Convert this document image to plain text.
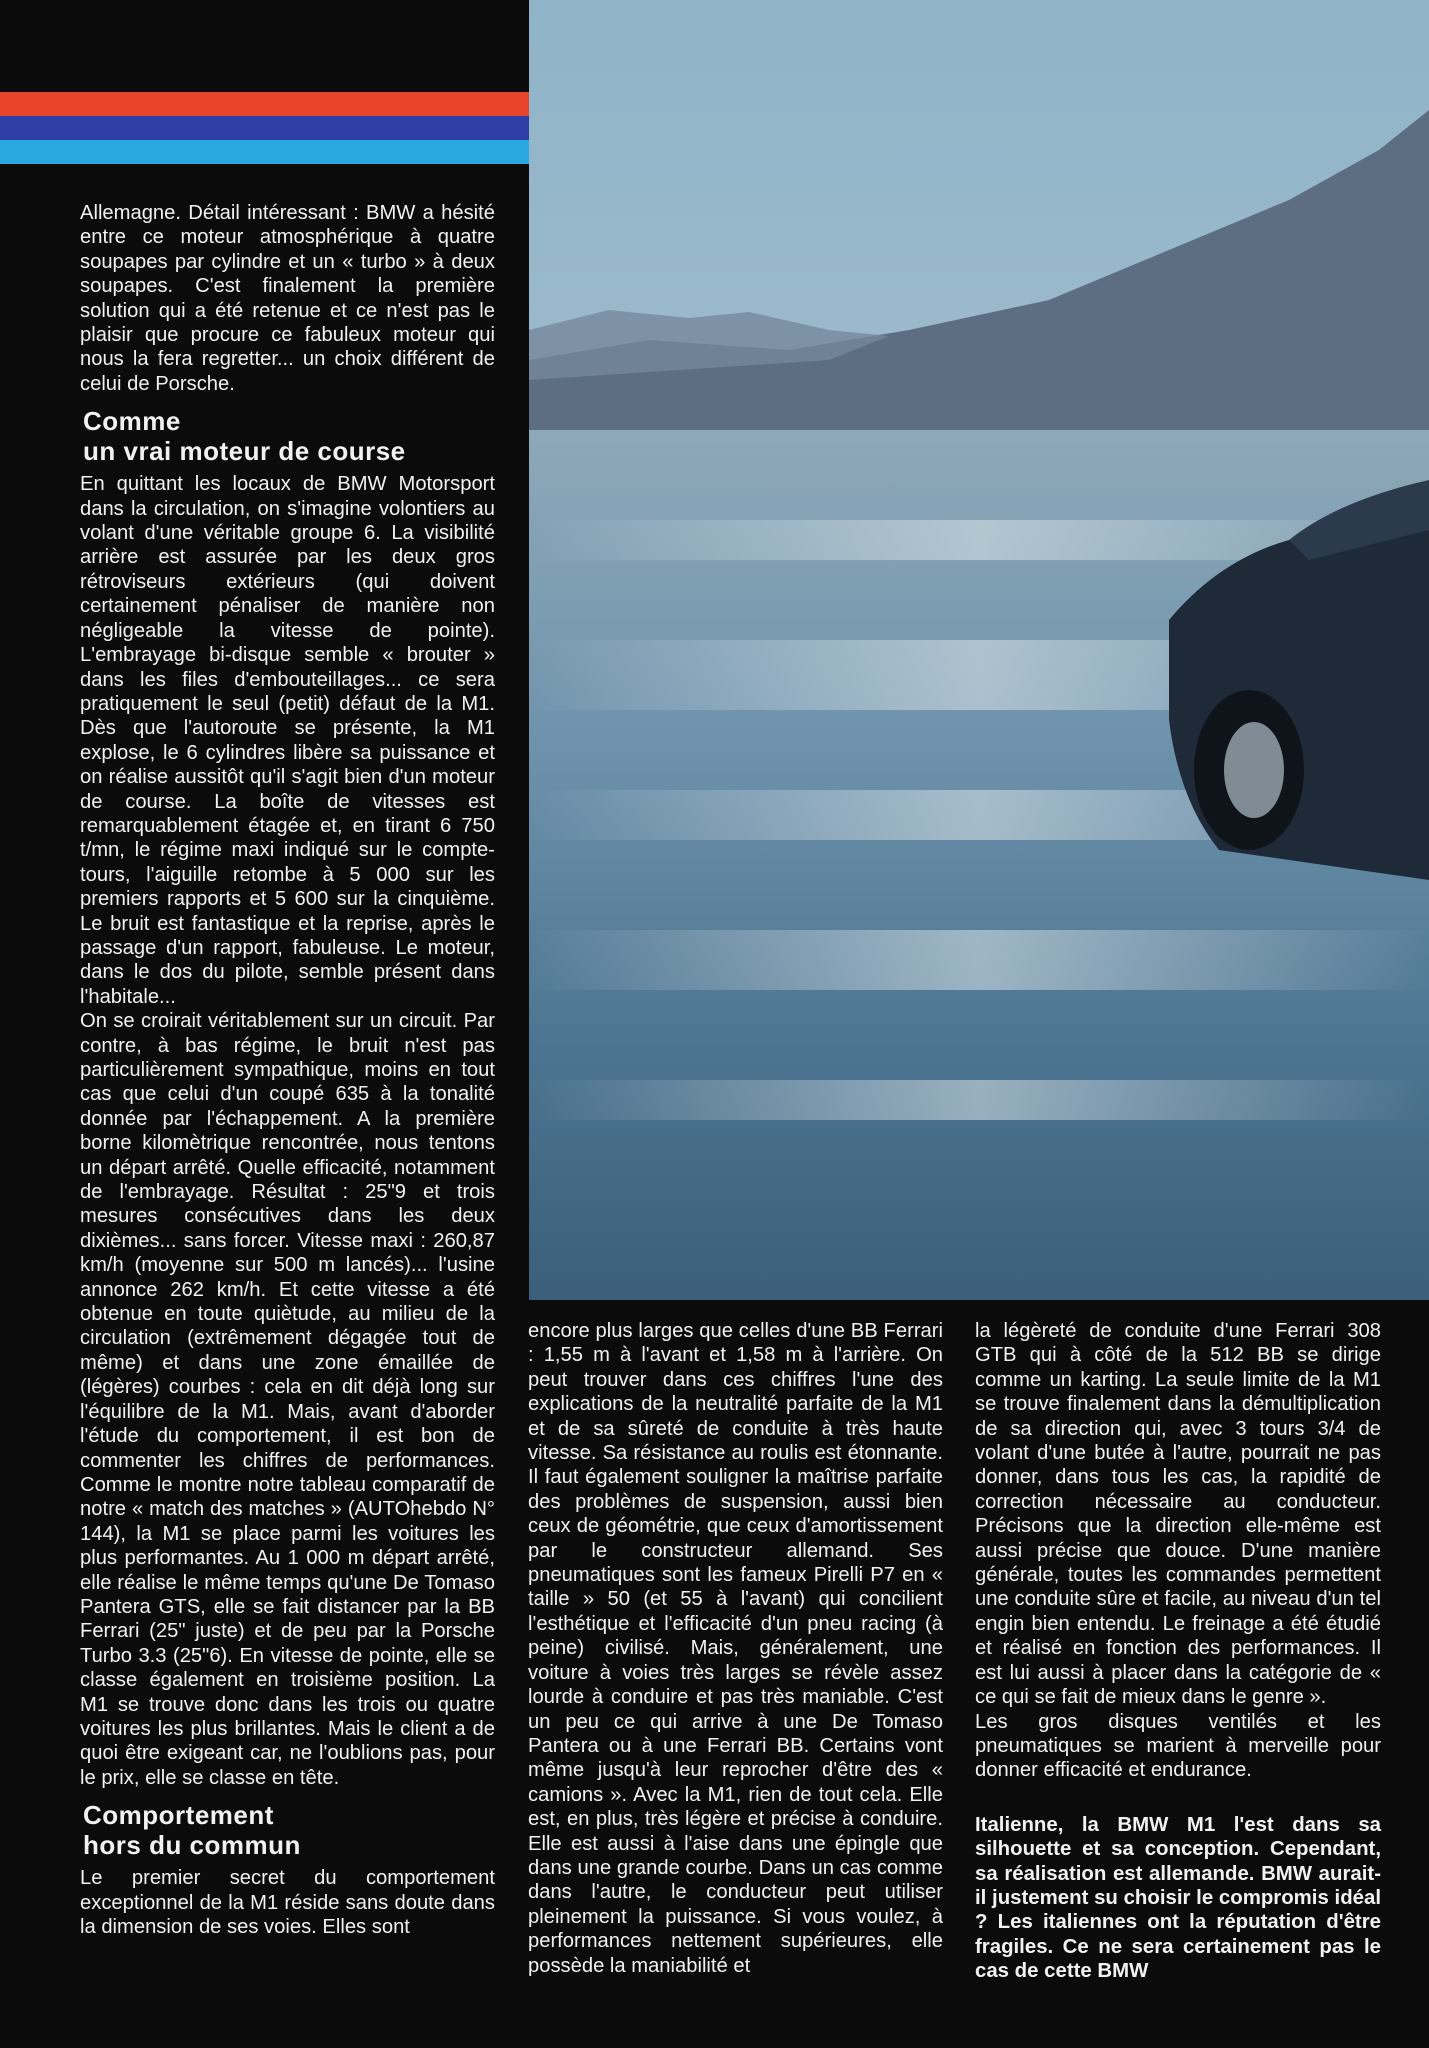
Allemagne. Détail intéressant : BMW a hésité entre ce moteur atmosphérique à quatre soupapes par cylindre et un « turbo » à deux soupapes. C'est finalement la première solution qui a été retenue et ce n'est pas le plaisir que procure ce fabuleux moteur qui nous la fera regretter... un choix différent de celui de Porsche.

Comme
un vrai moteur de course

En quittant les locaux de BMW Motorsport dans la circulation, on s'imagine volontiers au volant d'une véritable groupe 6. La visibilité arrière est assurée par les deux gros rétroviseurs extérieurs (qui doivent certainement pénaliser de manière non négligeable la vitesse de pointe). L'embrayage bi-disque semble « brouter » dans les files d'embouteillages... ce sera pratiquement le seul (petit) défaut de la M1. Dès que l'autoroute se présente, la M1 explose, le 6 cylindres libère sa puissance et on réalise aussitôt qu'il s'agit bien d'un moteur de course. La boîte de vitesses est remarquablement étagée et, en tirant 6 750 t/mn, le régime maxi indiqué sur le compte-tours, l'aiguille retombe à 5 000 sur les premiers rapports et 5 600 sur la cinquième. Le bruit est fantastique et la reprise, après le passage d'un rapport, fabuleuse. Le moteur, dans le dos du pilote, semble présent dans l'habitale...

On se croirait véritablement sur un circuit. Par contre, à bas régime, le bruit n'est pas particulièrement sympathique, moins en tout cas que celui d'un coupé 635 à la tonalité donnée par l'échappement. A la première borne kilomètrique rencontrée, nous tentons un départ arrêté. Quelle efficacité, notamment de l'embrayage. Résultat : 25"9 et trois mesures consécutives dans les deux dixièmes... sans forcer. Vitesse maxi : 260,87 km/h (moyenne sur 500 m lancés)... l'usine annonce 262 km/h. Et cette vitesse a été obtenue en toute quiètude, au milieu de la circulation (extrêmement dégagée tout de même) et dans une zone émaillée de (légères) courbes : cela en dit déjà long sur l'équilibre de la M1. Mais, avant d'aborder l'étude du comportement, il est bon de commenter les chiffres de performances. Comme le montre notre tableau comparatif de notre « match des matches » (AUTOhebdo N° 144), la M1 se place parmi les voitures les plus performantes. Au 1 000 m départ arrêté, elle réalise le même temps qu'une De Tomaso Pantera GTS, elle se fait distancer par la BB Ferrari (25" juste) et de peu par la Porsche Turbo 3.3 (25"6). En vitesse de pointe, elle se classe également en troisième position. La M1 se trouve donc dans les trois ou quatre voitures les plus brillantes. Mais le client a de quoi être exigeant car, ne l'oublions pas, pour le prix, elle se classe en tête.

Comportement
hors du commun

Le premier secret du comportement exceptionnel de la M1 réside sans doute dans la dimension de ses voies. Elles sont

encore plus larges que celles d'une BB Ferrari : 1,55 m à l'avant et 1,58 m à l'arrière. On peut trouver dans ces chiffres l'une des explications de la neutralité parfaite de la M1 et de sa sûreté de conduite à très haute vitesse. Sa résistance au roulis est étonnante. Il faut également souligner la maîtrise parfaite des problèmes de suspension, aussi bien ceux de géométrie, que ceux d'amortissement par le constructeur allemand. Ses pneumatiques sont les fameux Pirelli P7 en « taille » 50 (et 55 à l'avant) qui concilient l'esthétique et l'efficacité d'un pneu racing (à peine) civilisé. Mais, généralement, une voiture à voies très larges se révèle assez lourde à conduire et pas très maniable. C'est un peu ce qui arrive à une De Tomaso Pantera ou à une Ferrari BB. Certains vont même jusqu'à leur reprocher d'être des « camions ». Avec la M1, rien de tout cela. Elle est, en plus, très légère et précise à conduire. Elle est aussi à l'aise dans une épingle que dans une grande courbe. Dans un cas comme dans l'autre, le conducteur peut utiliser pleinement la puissance. Si vous voulez, à performances nettement supérieures, elle possède la maniabilité et

la légèreté de conduite d'une Ferrari 308 GTB qui à côté de la 512 BB se dirige comme un karting. La seule limite de la M1 se trouve finalement dans la démultiplication de sa direction qui, avec 3 tours 3/4 de volant d'une butée à l'autre, pourrait ne pas donner, dans tous les cas, la rapidité de correction nécessaire au conducteur. Précisons que la direction elle-même est aussi précise que douce. D'une manière générale, toutes les commandes permettent une conduite sûre et facile, au niveau d'un tel engin bien entendu. Le freinage a été étudié et réalisé en fonction des performances. Il est lui aussi à placer dans la catégorie de « ce qui se fait de mieux dans le genre ».

Les gros disques ventilés et les pneumatiques se marient à merveille pour donner efficacité et endurance.

Italienne, la BMW M1 l'est dans sa silhouette et sa conception. Cependant, sa réalisation est allemande. BMW aurait-il justement su choisir le compromis idéal ? Les italiennes ont la réputation d'être fragiles. Ce ne sera certainement pas le cas de cette BMW
